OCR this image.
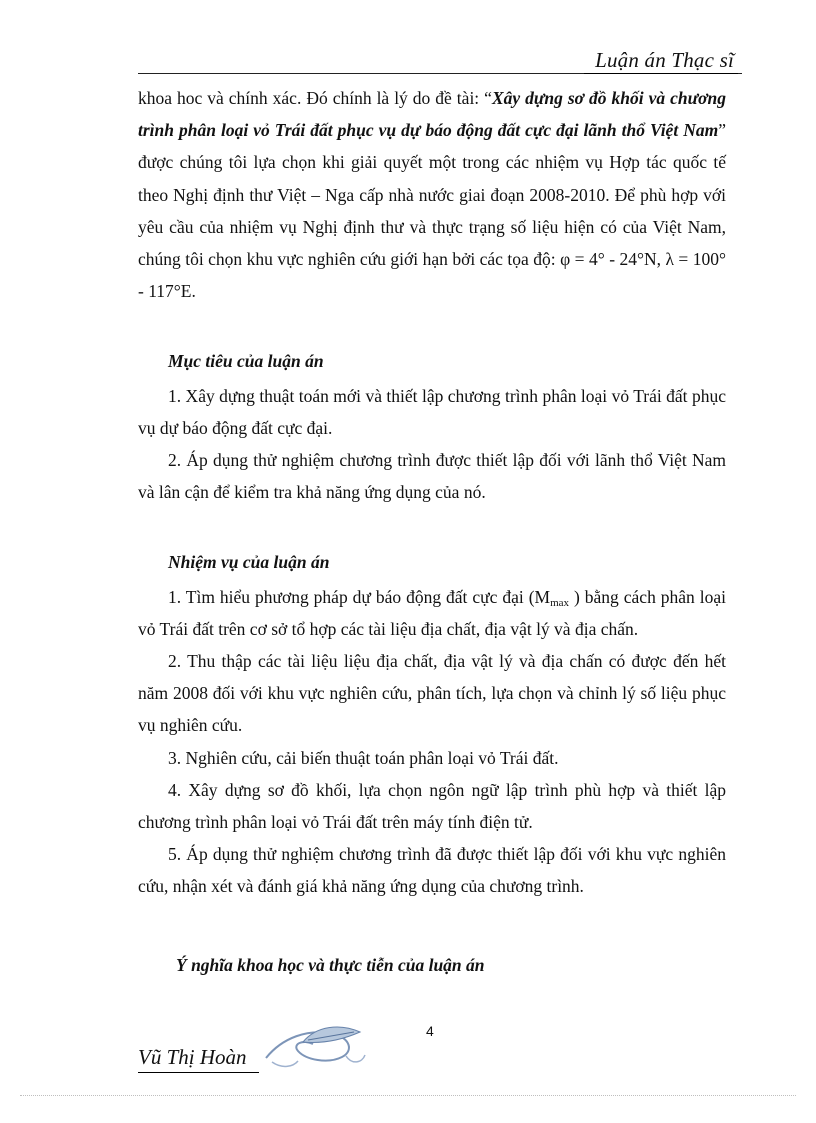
Luận án Thạc sĩ

khoa hoc và chính xác. Đó chính là lý do đề tài: “Xây dựng sơ đồ khối và chương trình phân loại vỏ Trái đất phục vụ dự báo động đất cực đại lãnh thổ Việt Nam” được chúng tôi lựa chọn khi giải quyết một trong các nhiệm vụ Hợp tác quốc tế theo Nghị định thư Việt – Nga cấp nhà nước giai đoạn 2008-2010. Để phù hợp với yêu cầu của nhiệm vụ Nghị định thư và thực trạng số liệu hiện có của Việt Nam, chúng tôi chọn khu vực nghiên cứu giới hạn bởi các tọa độ: φ = 4° - 24°N, λ = 100° - 117°E.

Mục tiêu của luận án

1. Xây dựng thuật toán mới và thiết lập chương trình phân loại vỏ Trái đất phục vụ dự báo động đất cực đại.

2. Áp dụng thử nghiệm chương trình được thiết lập đối với lãnh thổ Việt Nam và lân cận để kiểm tra khả năng ứng dụng của nó.

Nhiệm vụ của luận án

1. Tìm hiểu phương pháp dự báo động đất cực đại ($M_{max}$ ) bằng cách phân loại vỏ Trái đất trên cơ sở tổ hợp các tài liệu địa chất, địa vật lý và địa chấn.

2. Thu thập các tài liệu liệu địa chất, địa vật lý và địa chấn có được đến hết năm 2008 đối với khu vực nghiên cứu, phân tích, lựa chọn và chỉnh lý số liệu phục vụ nghiên cứu.

3. Nghiên cứu, cải biến thuật toán phân loại vỏ Trái đất.

4. Xây dựng sơ đồ khối, lựa chọn ngôn ngữ lập trình phù hợp và thiết lập chương trình phân loại vỏ Trái đất trên máy tính điện tử.

5. Áp dụng thử nghiệm chương trình đã được thiết lập đối với khu vực nghiên cứu, nhận xét và đánh giá khả năng ứng dụng của chương trình.

Ý nghĩa khoa học và thực tiễn của luận án
4
Vũ Thị Hoàn
